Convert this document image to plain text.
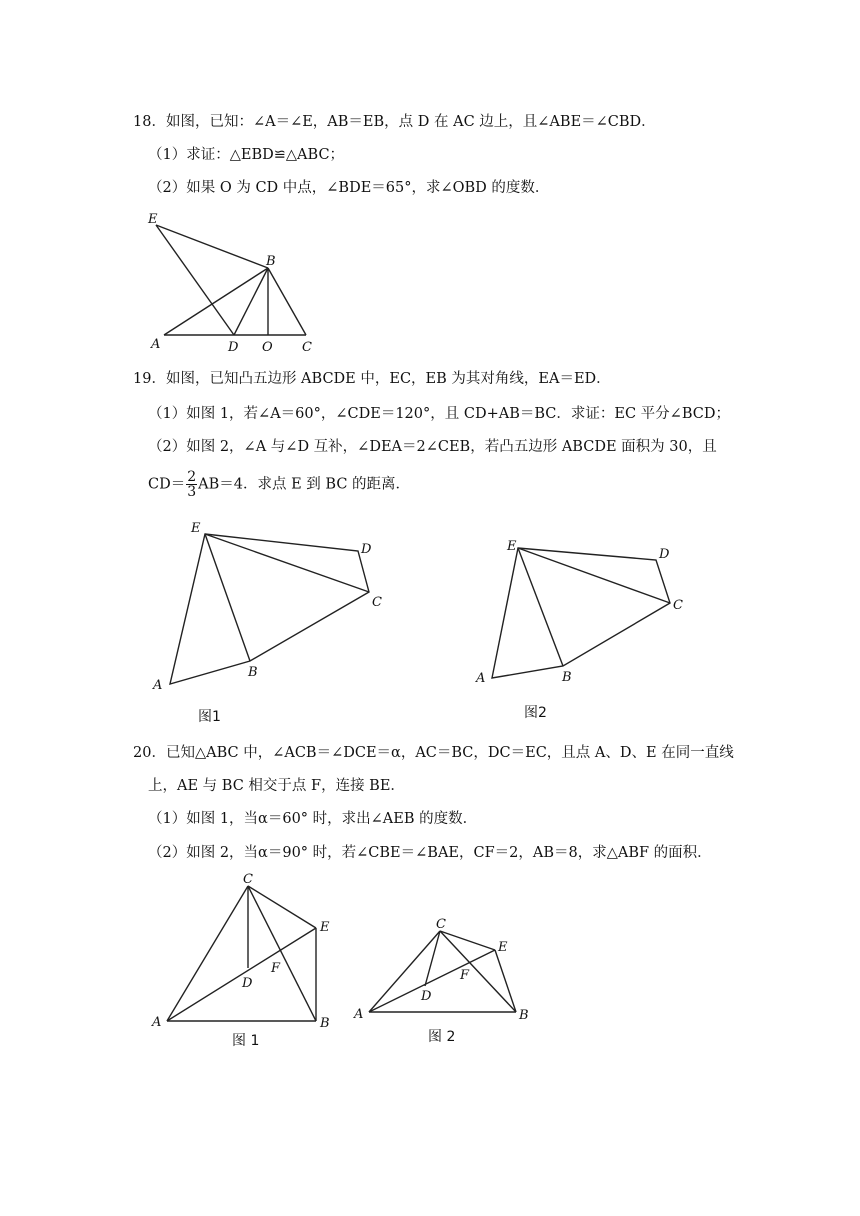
18．如图，已知：∠A＝∠E，AB＝EB，点 D 在 AC 边上，且∠ABE＝∠CBD．
（1）求证：△EBD≌△ABC；
（2）如果 O 为 CD 中点，∠BDE＝65°，求∠OBD 的度数．
E
B
A	D O C
19．如图，已知凸五边形 ABCDE 中，EC，EB 为其对角线，EA＝ED．
（1）如图 1，若∠A＝60°，∠CDE＝120°，且 CD+AB＝BC．求证：EC 平分∠BCD；
（2）如图 2，∠A 与∠D 互补，∠DEA＝2∠CEB，若凸五边形 ABCDE 面积为 30，且
$CD= \frac{2}{3} AB=4$．求点 E 到 BC 的距离．
E
D
C
B
A
图1
E
D
C
B
A
图2
20．已知△ABC 中，∠ACB＝∠DCE＝α，AC＝BC，DC＝EC，且点 A、D、E 在同一直线
上，AE 与 BC 相交于点 F，连接 BE．
（1）如图 1，当α＝60° 时，求出∠AEB 的度数．
（2）如图 2，当α＝90° 时，若∠CBE＝∠BAE，CF＝2，AB＝8，求△ABF 的面积．
C
E
F
D
A	B
图 1
C
E
F
D
A	B
图 2
